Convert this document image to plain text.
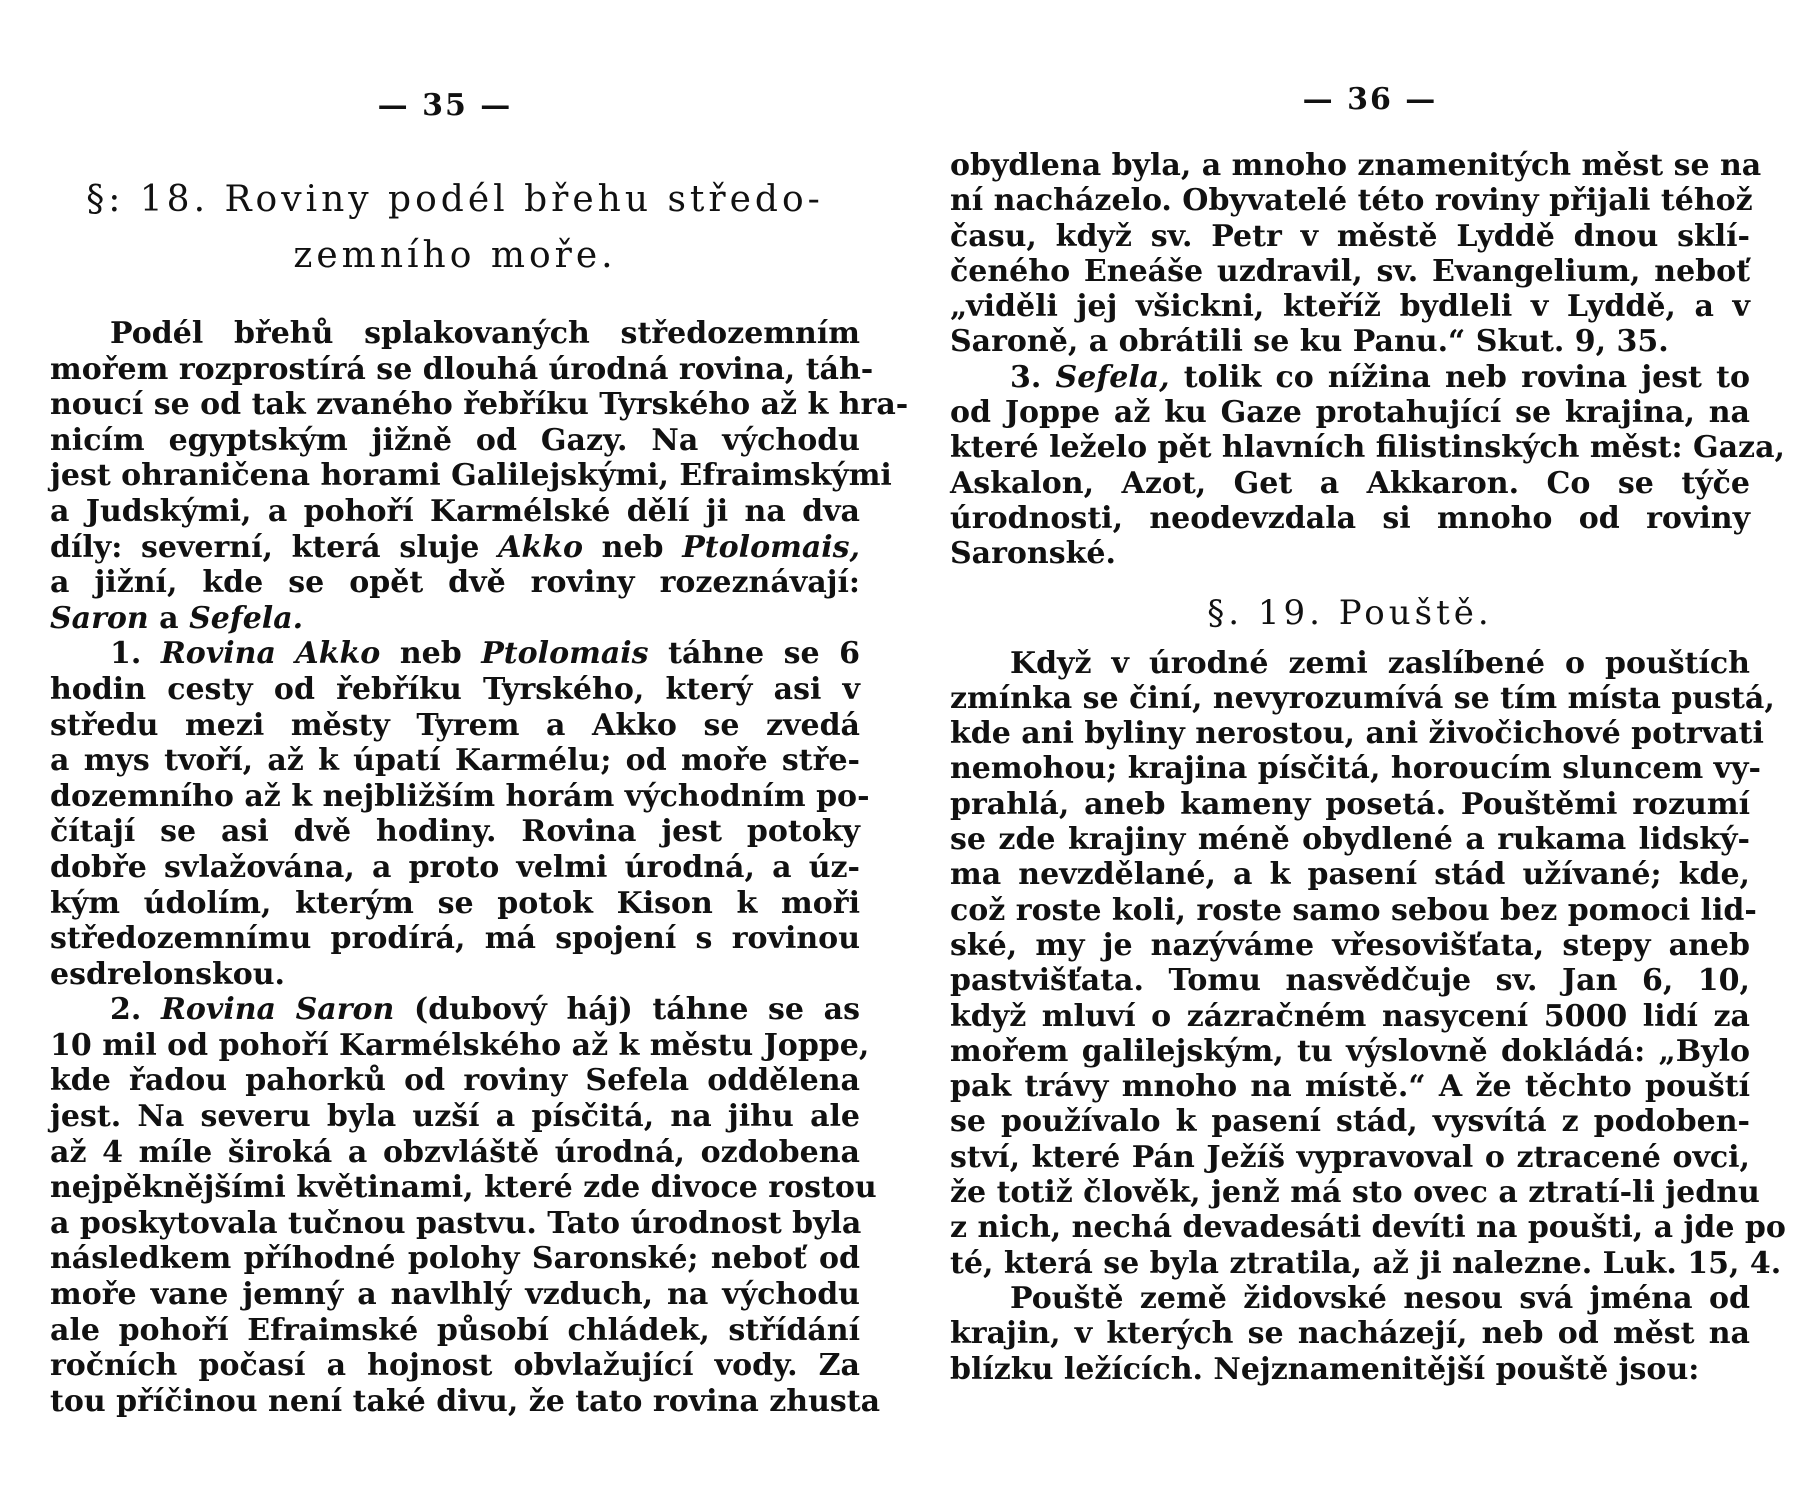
— 35 —
§: 18. Roviny podél břehu středo-
zemního moře.
Podél břehů splakovaných středozemním
mořem rozprostírá se dlouhá úrodná rovina, táh-
noucí se od tak zvaného řebříku Tyrského až k hra-
nicím egyptským jižně od Gazy. Na východu
jest ohraničena horami Galilejskými, Efraimskými
a Judskými, a pohoří Karmélské dělí ji na dva
díly: severní, která sluje Akko neb Ptolomais,
a jižní, kde se opět dvě roviny rozeznávají:
Saron a Sefela.
1. Rovina Akko neb Ptolomais táhne se 6
hodin cesty od řebříku Tyrského, který asi v
středu mezi městy Tyrem a Akko se zvedá
a mys tvoří, až k úpatí Karmélu; od moře stře-
dozemního až k nejbližším horám východním po-
čítají se asi dvě hodiny. Rovina jest potoky
dobře svlažována, a proto velmi úrodná, a úz-
kým údolím, kterým se potok Kison k moři
středozemnímu prodírá, má spojení s rovinou
esdrelonskou.
2. Rovina Saron (dubový háj) táhne se as
10 mil od pohoří Karmélského až k městu Joppe,
kde řadou pahorků od roviny Sefela oddělena
jest. Na severu byla uzší a písčitá, na jihu ale
až 4 míle široká a obzvláště úrodná, ozdobena
nejpěknějšími květinami, které zde divoce rostou
a poskytovala tučnou pastvu. Tato úrodnost byla
následkem příhodné polohy Saronské; neboť od
moře vane jemný a navlhlý vzduch, na východu
ale pohoří Efraimské působí chládek, střídání
ročních počasí a hojnost obvlažující vody. Za
tou příčinou není také divu, že tato rovina zhusta
— 36 —
obydlena byla, a mnoho znamenitých měst se na
ní nacházelo. Obyvatelé této roviny přijali téhož
času, když sv. Petr v městě Lyddě dnou sklí-
čeného Eneáše uzdravil, sv. Evangelium, neboť
„viděli jej všickni, kteříž bydleli v Lyddě, a v
Saroně, a obrátili se ku Panu.“ Skut. 9, 35.
3. Sefela, tolik co nížina neb rovina jest to
od Joppe až ku Gaze protahující se krajina, na
které leželo pět hlavních filistinských měst: Gaza,
Askalon, Azot, Get a Akkaron. Co se týče
úrodnosti, neodevzdala si mnoho od roviny
Saronské.
§. 19. Pouště.
Když v úrodné zemi zaslíbené o pouštích
zmínka se činí, nevyrozumívá se tím místa pustá,
kde ani byliny nerostou, ani živočichové potrvati
nemohou; krajina písčitá, horoucím sluncem vy-
prahlá, aneb kameny posetá. Pouštěmi rozumí
se zde krajiny méně obydlené a rukama lidský-
ma nevzdělané, a k pasení stád užívané; kde,
což roste koli, roste samo sebou bez pomoci lid-
ské, my je nazýváme vřesovišťata, stepy aneb
pastvišťata. Tomu nasvědčuje sv. Jan 6, 10,
když mluví o zázračném nasycení 5000 lidí za
mořem galilejským, tu výslovně dokládá: „Bylo
pak trávy mnoho na místě.“ A že těchto pouští
se používalo k pasení stád, vysvítá z podoben-
ství, které Pán Ježíš vypravoval o ztracené ovci,
že totiž člověk, jenž má sto ovec a ztratí-li jednu
z nich, nechá devadesáti devíti na poušti, a jde po
té, která se byla ztratila, až ji nalezne. Luk. 15, 4.
Pouště země židovské nesou svá jména od
krajin, v kterých se nacházejí, neb od měst na
blízku ležících. Nejznamenitější pouště jsou:
